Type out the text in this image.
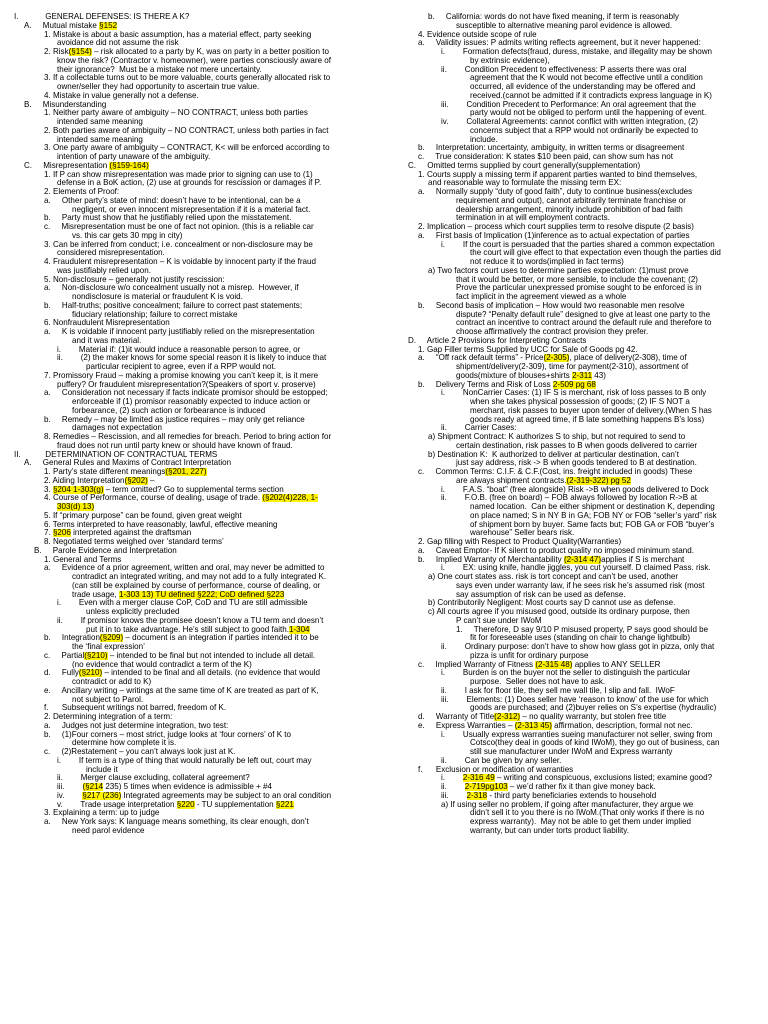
I.            GENERAL DEFENSES: IS THERE A K?
A.     Mutual mistake §152
1. Mistake is about a basic assumption, has a material effect, party seeking
avoidance did not assume the risk
2. Risk(§154) – risk allocated to a party by K, was on party in a better position to
know the risk? (Contractor v. homeowner), were parties consciously aware of
their ignorance?  Must be a mistake not mere uncertainty.
3. If a collectable turns out to be more valuable, courts generally allocated risk to
owner/seller they had opportunity to ascertain true value.
4. Mistake in value generally not a defense.
B.     Misunderstanding
1. Neither party aware of ambiguity – NO CONTRACT, unless both parties
intended same meaning
2. Both parties aware of ambiguity – NO CONTRACT, unless both parties in fact
intended same meaning
3. One party aware of ambiguity – CONTRACT, K< will be enforced according to
intention of party unaware of the ambiguity.
C.     Misrepresentation (§159-164)
1. If P can show misrepresentation was made prior to signing can use to (1)
defense in a BoK action, (2) use at grounds for rescission or damages if P.
2. Elements of Proof:
a.     Other party’s state of mind: doesn’t have to be intentional, can be a
negligent, or even innocent misrepresentation if it is a material fact.
b.     Party must show that he justifiably relied upon the misstatement.
c.     Misrepresentation must be one of fact not opinion. (this is a reliable car
vs. this car gets 30 mpg in city)
3. Can be inferred from conduct; i.e. concealment or non-disclosure may be
considered misrepresentation.
4. Fraudulent misrepresentation – K is voidable by innocent party if the fraud
was justifiably relied upon.
5. Non-disclosure – generally not justify rescission:
a.     Non-disclosure w/o concealment usually not a misrep.  However, if
nondisclosure is material or fraudulent K is void.
b.     Half-truths; positive concealment; failure to correct past statements;
fiduciary relationship; failure to correct mistake
6. Nonfraudulent Misrepresentation
a.     K is voidable if innocent party justifiably relied on the misrepresentation
and it was material.
i.        Material if: (1)it would induce a reasonable person to agree, or
ii.        (2) the maker knows for some special reason it is likely to induce that
particular recipient to agree, even if a RPP would not.
7. Promissory Fraud – making a promise knowing you can’t keep it, is it mere
puffery? Or fraudulent misrepresentation?(Speakers of sport v. proserve)
a.     Consideration not necessary if facts indicate promisor should be estopped;
enforceable if (1) promisor reasonably expected to induce action or
forbearance, (2) such action or forbearance is induced
b.     Remedy – may be limited as justice requires – may only get reliance
damages not expectation
8. Remedies – Rescission, and all remedies for breach. Period to bring action for
fraud does not run until party knew or should have known of fraud.
II.           DETERMINATION OF CONTRACTUAL TERMS
A.     General Rules and Maxims of Contract Interpretation
1. Party’s state different meanings(§201, 227)
2. Aiding Interpretation(§202) –
3. §204 1-303(g) – term omitted? Go to supplemental terms section
4. Course of Performance, course of dealing, usage of trade. (§202(4)228, 1-
303(d) 13)
5. If “primary purpose” can be found, given great weight
6. Terms interpreted to have reasonably, lawful, effective meaning
7. §206 interpreted against the draftsman
8. Negotiated terms weighed over ‘standard terms’
B.     Parole Evidence and Interpretation
1. General and Terms
a.     Evidence of a prior agreement, written and oral, may never be admitted to
contradict an integrated writing, and may not add to a fully integrated K.
(can still be explained by course of performance, course of dealing, or
trade usage, 1-303 13) TU defined §222; CoD defined §223
i.        Even with a merger clause CoP, CoD and TU are still admissible
unless explicitly precluded
ii.        If promisor knows the promisee doesn’t know a TU term and doesn’t
put it in to take advantage. He’s still subject to good faith.1-304
b.     Integration(§209) – document is an integration if parties intended it to be
the ‘final expression’
c.     Partial(§210) – intended to be final but not intended to include all detail.
(no evidence that would contradict a term of the K)
d.     Fully(§210) – intended to be final and all details. (no evidence that would
contradict or add to K)
e.     Ancillary writing – writings at the same time of K are treated as part of K,
not subject to Parol.
f.      Subsequent writings not barred, freedom of K.
2. Determining integration of a term:
a.     Judges not just determine integration, two test:
b.     (1)Four corners – most strict, judge looks at ‘four corners’ of K to
determine how complete it is.
c.     (2)Restatement – you can’t always look just at K.
i.        If term is a type of thing that would naturally be left out, court may
include it
ii.        Merger clause excluding, collateral agreement?
iii.        (§214 235) 5 times when evidence is admissible + #4
iv.        §217 (236) Integrated agreements may be subject to an oral condition
v.        Trade usage interpretation §220 - TU supplementation §221
3. Explaining a term: up to judge
a.     New York says: K language means something, its clear enough, don’t
need parol evidence
b.     California: words do not have fixed meaning, if term is reasonably
susceptible to alternative meaning parol evidence is allowed.
4. Evidence outside scope of rule
a.     Validity issues: P admits writing reflects agreement, but it never happened:
i.        Formation defects(fraud, duress, mistake, and illegality may be shown
by extrinsic evidence),
ii.        Condition Precedent to effectiveness: P asserts there was oral
agreement that the K would not become effective until a condition
occurred, all evidence of the understanding may be offered and
received.(cannot be admitted if it contradicts express language in K)
iii.        Condition Precedent to Performance: An oral agreement that the
party would not be obliged to perform until the happening of event.
iv.        Collateral Agreements: cannot conflict with written integration, (2)
concerns subject that a RPP would not ordinarily be expected to
include.
b.     Interpretation: uncertainty, ambiguity, in written terms or disagreement
c.     True consideration: K states $10 been paid, can show sum has not
C.     Omitted terms supplied by court generally(supplementation)
1. Courts supply a missing term if apparent parties wanted to bind themselves,
and reasonable way to formulate the missing term EX:
a.     Normally supply “duty of good faith”, duty to continue business(excludes
requirement and output), cannot arbitrarily terminate franchise or
dealership arrangement, minority include prohibition of bad faith
termination in at will employment contracts.
2. Implication – process which court supplies term to resolve dispute (2 basis)
a.     First basis of Implication (1)inference as to actual expectation of parties
i.        If the court is persuaded that the parties shared a common expectation
the court will give effect to that expectation even though the parties did
not reduce it to words(implied in fact terms)
a) Two factors court uses to determine parties expectation: (1)must prove
that it would be better, or more sensible, to include the covenant; (2)
Prove the particular unexpressed promise sought to be enforced is in
fact implicit in the agreement viewed as a whole
b.     Second basis of implication – How would two reasonable men resolve
dispute? “Penalty default rule” designed to give at least one party to the
contract an incentive to contract around the default rule and therefore to
choose affirmatively the contract provision they prefer.
D.     Article 2 Provisions for Interpreting Contracts
1. Gap Filler terms Supplied by UCC for Sale of Goods pg 42.
a.     “Off rack default terms” - Price(2-305), place of delivery(2-308), time of
shipment/delivery(2-309), time for payment(2-310), assortment of
goods(mixture of blouses+shirts 2-311 43)
b.     Delivery Terms and Risk of Loss 2-509 pg 68
i.        NonCarrier Cases: (1) IF S is merchant, risk of loss passes to B only
when she takes physical possession of goods; (2) IF S NOT a
merchant, risk passes to buyer upon tender of delivery.(When S has
goods ready at agreed time, if B late something happens B’s loss)
ii.        Carrier Cases:
a) Shipment Contract: K authorizes S to ship, but not required to send to
certain destination, risk passes to B when goods delivered to carrier
b) Destination K:  K authorized to deliver at particular destination, can’t
just say address, risk -> B when goods tendered to B at destination.
c.     Common Terms: C.I.F. & C.F.(Cost, ins. freight included in goods) These
are always shipment contracts.(2-319-322) pg 52
i.        F.A.S. “boat” (free alongside) Risk ->B when goods delivered to Dock
ii.        F.O.B. (free on board) – FOB always followed by location R->B at
named location.  Can be either shipment or destination K, depending
on place named; S in NY B in GA; FOB NY or FOB “seller’s yard” risk
of shipment born by buyer. Same facts but; FOB GA or FOB “buyer’s
warehouse” Seller bears risk.
2. Gap filling with Respect to Product Quality(Warranties)
a.     Caveat Emptor- If K silent to product quality no imposed minimum stand.
b.     Implied Warranty of Merchantability (2-314 47)applies if S is merchant
i.        EX: using knife, handle jiggles, you cut yourself. D claimed Pass. risk.
a) One court states ass. risk is tort concept and can’t be used, another
says even under warranty law, if he sees risk he’s assumed risk (most
say assumption of risk can be used as defense.
b) Contributorily Negligent: Most courts say D cannot use as defense.
c) All courts agree if you misused good, outside its ordinary purpose, then
P can’t sue under IWoM
1.     Therefore, D say 9/10 P misused property, P says good should be
fit for foreseeable uses (standing on chair to change lightbulb)
ii.        Ordinary purpose: don’t have to show how glass got in pizza, only that
pizza is unfit for ordinary purpose
c.     Implied Warranty of Fitness (2-315 48) applies to ANY SELLER
i.        Burden is on the buyer not the seller to distinguish the particular
purpose.  Seller does not have to ask.
ii.        I ask for floor tile, they sell me wall tile, I slip and fall.  IWoF
iii.        Elements: (1) Does seller have ‘reason to know’ of the use for which
goods are purchased; and (2)buyer relies on S’s expertise (hydraulic)
d.     Warranty of Title(2-312) – no quality warranty, but stolen free title
e.     Express Warranties – (2-313 45) affirmation, description, formal not nec.
i.        Usually express warranties sueing manufacturer not seller, swing from
Cotsco(they deal in goods of kind IWoM), they go out of business, can
still sue manufacturer under IWoM and Express warranty
ii.        Can be given by any seller.
f.      Exclusion or modification of warranties
i.        2-316 49 – writing and conspicuous, exclusions listed; examine good?
ii.        2-719pg103 – we’d rather fix it than give money back.
iii.        2-318 - third party beneficiaries extends to household
a) If using seller no problem, if going after manufacturer, they argue we
didn’t sell it to you there is no IWoM.(That only works if there is no
express warranty).  May not be able to get them under implied
warranty, but can under torts product liability.
